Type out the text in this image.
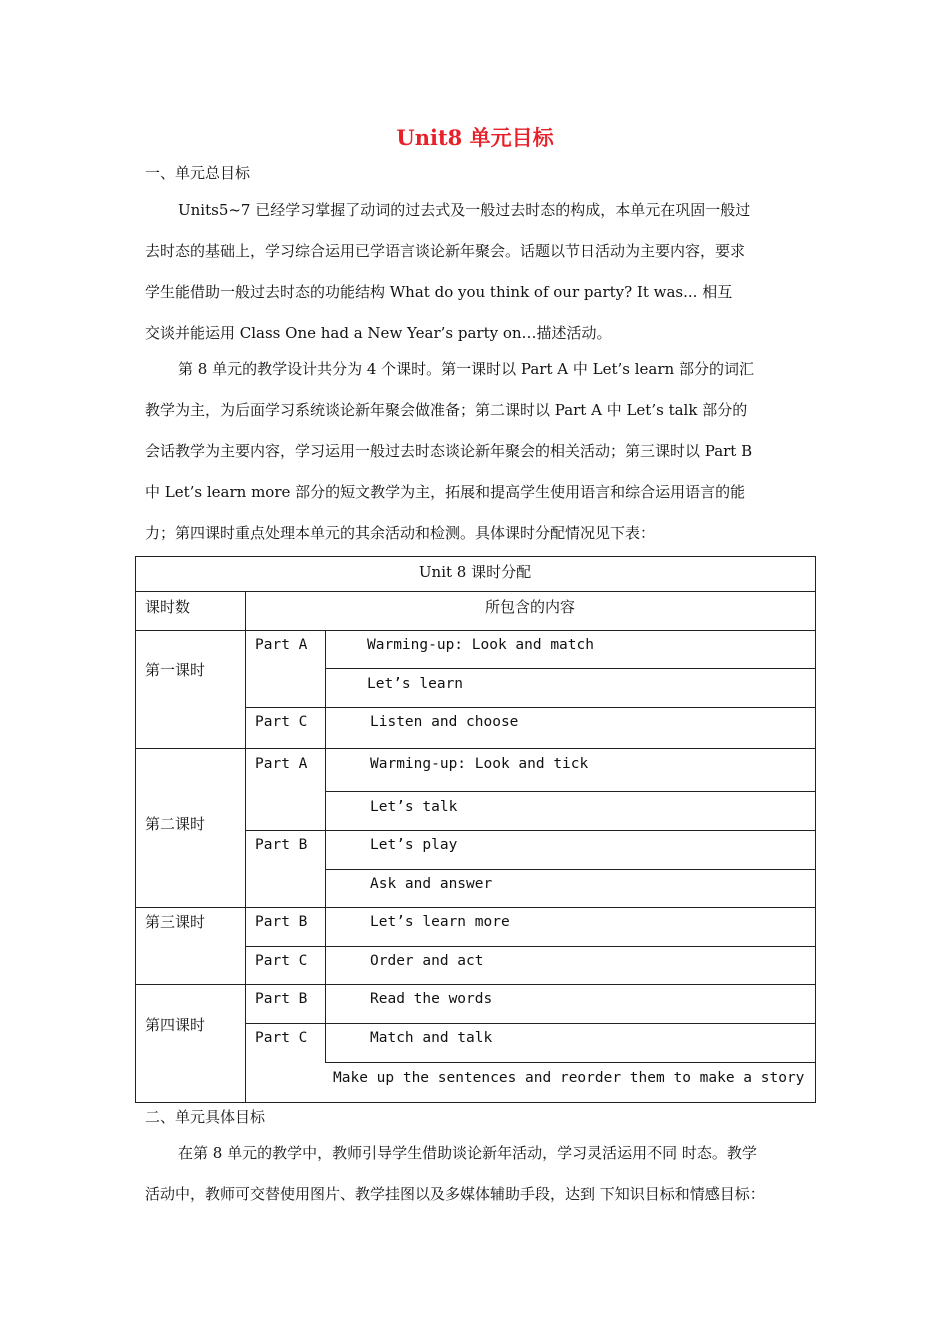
Unit8 单元目标
一、单元总目标
Units5~7 已经学习掌握了动词的过去式及一般过去时态的构成，本单元在巩固一般过
去时态的基础上，学习综合运用已学语言谈论新年聚会。话题以节日活动为主要内容，要求
学生能借助一般过去时态的功能结构 What do you think of our party? It was... 相互
交谈并能运用 Class One had a New Year’s party on…描述活动。
第 8 单元的教学设计共分为 4 个课时。第一课时以 Part A 中 Let’s learn 部分的词汇
教学为主，为后面学习系统谈论新年聚会做准备；第二课时以 Part A 中 Let’s talk 部分的
会话教学为主要内容，学习运用一般过去时态谈论新年聚会的相关活动；第三课时以 Part B
中 Let’s learn more 部分的短文教学为主，拓展和提高学生使用语言和综合运用语言的能
力；第四课时重点处理本单元的其余活动和检测。具体课时分配情况见下表：
Unit 8 课时分配
课时数	所包含的内容
第一课时
第二课时
第三课时
第四课时
Part A
Part C
Part A
Part B
Part B
Part C
Part B
Part C
Warming-up: Look and match
Let’s learn
Listen and choose
Warming-up: Look and tick
Let’s talk
Let’s play
Ask and answer
Let’s learn more
Order and act
Read the words
Match and talk
Make up the sentences and reorder them to make a story
二、单元具体目标
在第 8 单元的教学中，教师引导学生借助谈论新年活动，学习灵活运用不同 时态。教学
活动中，教师可交替使用图片、教学挂图以及多媒体辅助手段，达到 下知识目标和情感目标：
